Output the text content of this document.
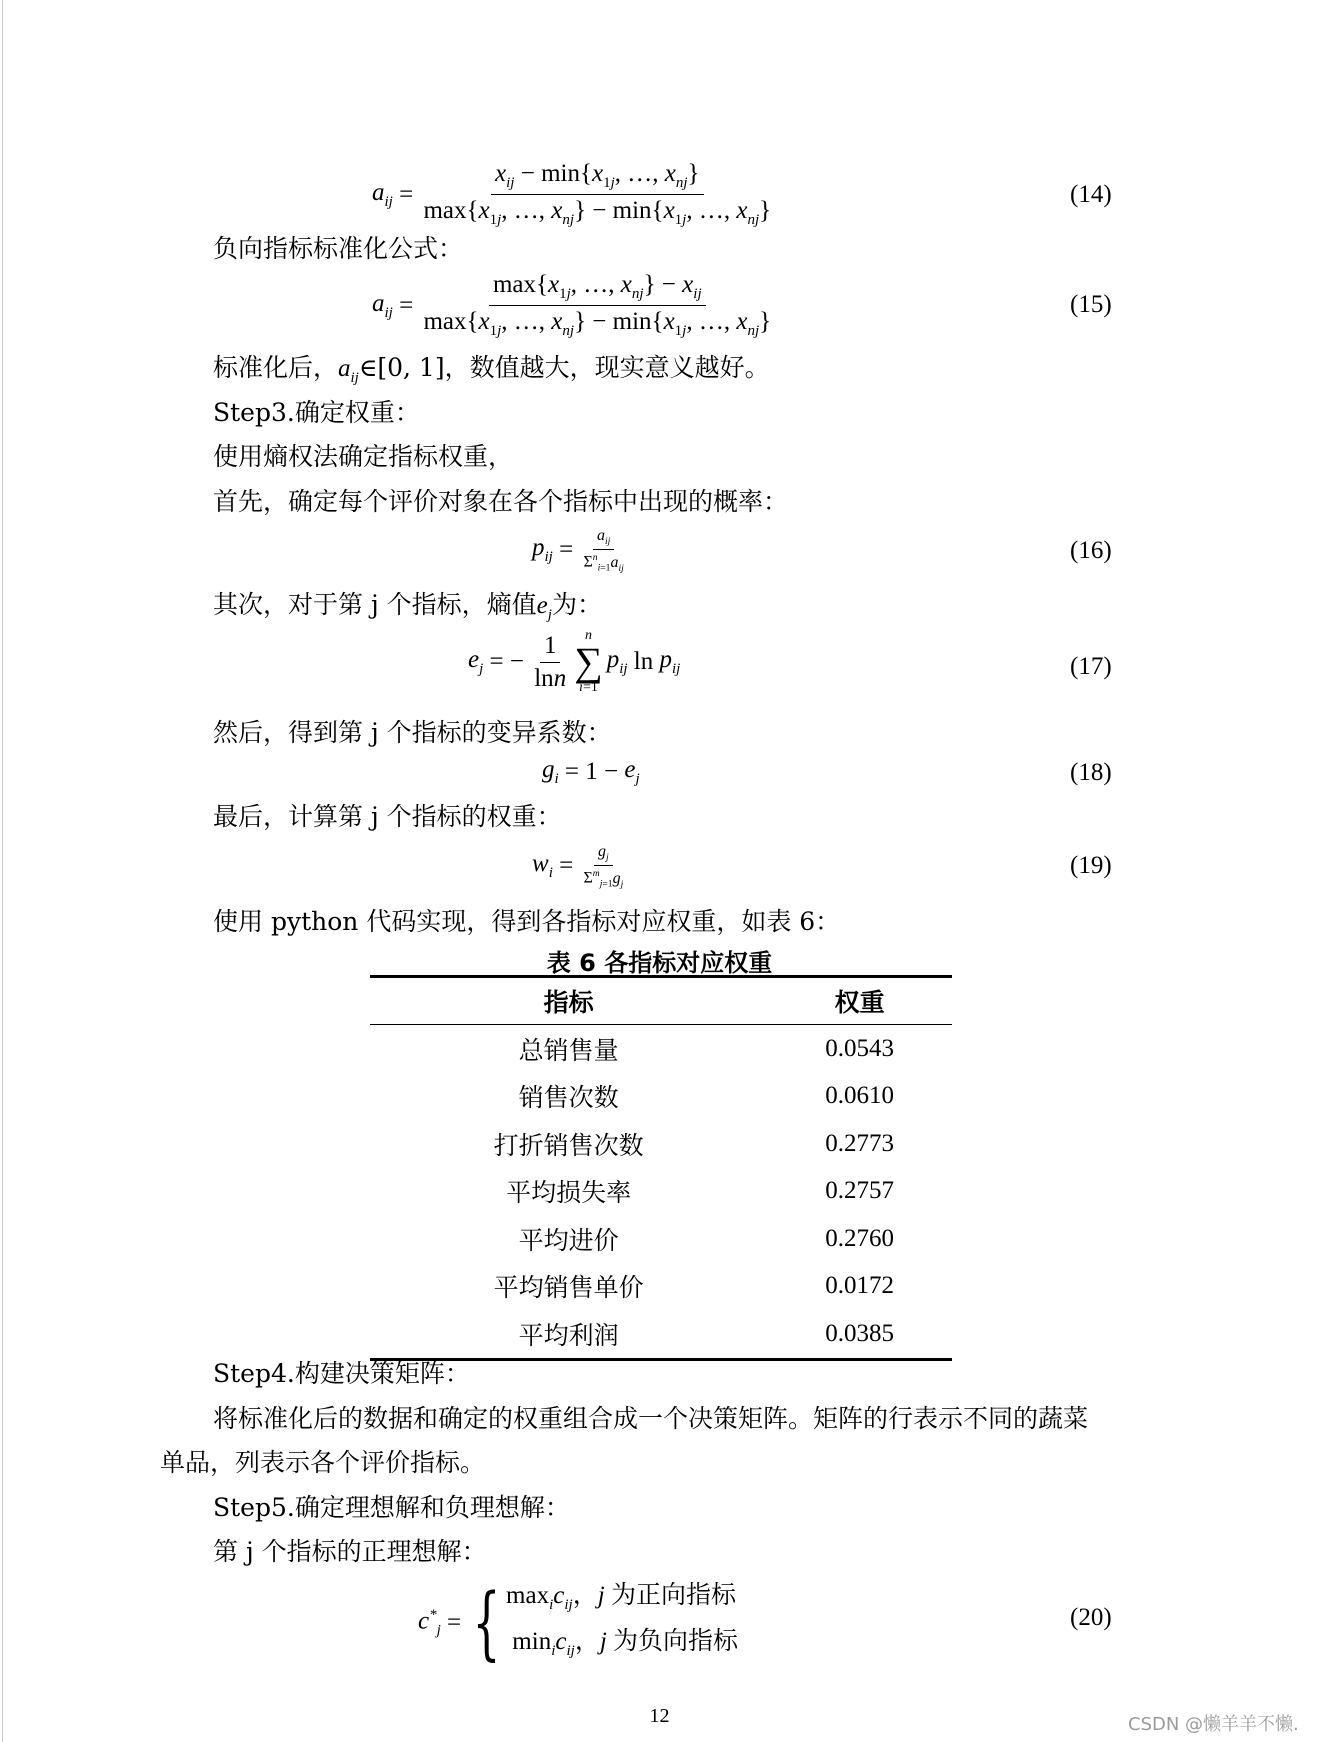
$a_{ij} = \frac{x_{ij} - \min\{x_{1j}, \dots, x_{nj}\}}{\max\{x_{1j}, \dots, x_{nj}\} - \min\{x_{1j}, \dots, x_{nj}\}}$	(14)
负向指标标准化公式：
$a_{ij} = \frac{\max\{x_{1j}, \dots, x_{nj}\} - x_{ij}}{\max\{x_{1j}, \dots, x_{nj}\} - \min\{x_{1j}, \dots, x_{nj}\}}$	(15)
标准化后，$a_{ij}\in[0$, 1]，数值越大，现实意义越好。
Step3.确定权重：
使用熵权法确定指标权重，
首先，确定每个评价对象在各个指标中出现的概率：
$p_{ij} = \frac{a_{ij}}{\Sigma^n_{i=1}a_{ij}}$	(16)
其次，对于第 j 个指标，熵值$e_j$为：
$e_j$ = − $\frac{1}{\ln n}$ n
∑
i=1
$p_{ij}$ $\ln p_{ij}$	(17)
然后，得到第 j 个指标的变异系数：
$g_i = 1 - e_j$	(18)
最后，计算第 j 个指标的权重：
$w_i = \frac{g_j}{\Sigma^m_{j=1}g_j}$	(19)
使用 python 代码实现，得到各指标对应权重，如表 6：
表 6 各指标对应权重
指标	权重
总销售量	0.0543
销售次数	0.0610
打折销售次数	0.2773
平均损失率	0.2757
平均进价	0.2760
平均销售单价	0.0172
平均利润	0.0385
Step4.构建决策矩阵：
将标准化后的数据和确定的权重组合成一个决策矩阵。矩阵的行表示不同的蔬菜
单品，列表示各个评价指标。
Step5.确定理想解和负理想解：
第 j 个指标的正理想解：
$c^*_j$ = { $\max_ic_{ij}$，j 为正向指标
$\min_ic_{ij}$，j 为负向指标
(20)
12	CSDN @懒羊羊不懒.
